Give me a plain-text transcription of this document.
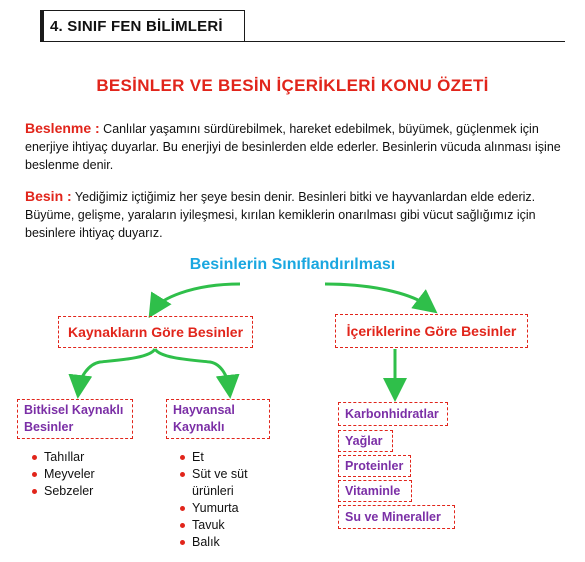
4. SINIF FEN BİLİMLERİ
BESİNLER VE BESİN İÇERİKLERİ KONU ÖZETİ
Beslenme : Canlılar yaşamını sürdürebilmek, hareket edebilmek, büyümek, güçlenmek için enerjiye ihtiyaç duyarlar. Bu enerjiyi de besinlerden elde ederler. Besinlerin vücuda alınması işine beslenme denir.
Besin : Yediğimiz içtiğimiz her şeye besin denir. Besinleri bitki ve hayvanlardan elde ederiz. Büyüme, gelişme, yaraların iyileşmesi, kırılan kemiklerin onarılması gibi vücut sağlığımız için besinlere ihtiyaç duyarız.
Besinlerin Sınıflandırılması
Kaynakların Göre Besinler	İçeriklerine Göre Besinler
Bitkisel Kaynaklı Besinler
Hayvansal Kaynaklı
Tahıllar
Meyveler
Sebzeler
Et
Süt ve süt ürünleri
Yumurta
Tavuk
Balık
Karbonhidratlar
Yağlar
Proteinler
Vitaminle
Su ve Mineraller
